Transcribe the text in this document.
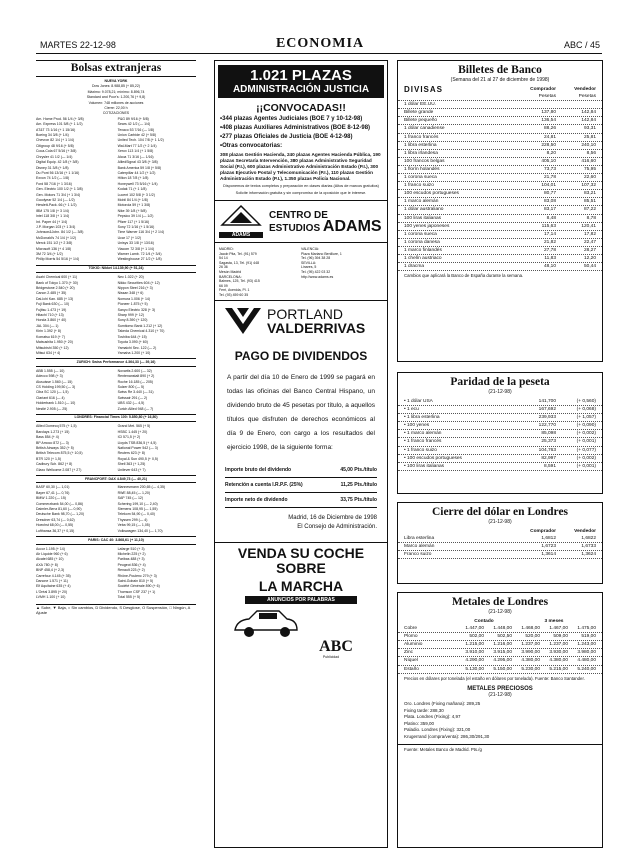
MARTES 22-12-98	ECONOMIA	ABC / 45
Bolsas extranjeras
NUEVA YORK
Dow Jones: 8.988,85 (+ 85,22)
Máximo: 9.078,21; mínimo: 8.896,74
Standard and Poor's: 1.200,76 (+ 9,8)
Volumen: 748 millones de acciones
Cierre: 22,00 h
COTIZACIONES
Am. Home Prod. 56 1/4 (+ 3/8)
Am. Express 101 5/8 (+ 1 1/2)
AT&T 73 1/16 (+ 1 15/16)
Boeing 34 3/8 (+ 1/4)
Chevron 82 1/4 (+ 1 1/4)
Citigroup 48 9/16 (+ 5/8)
Coca-Cola 67 5/16 (+ 3/8)
Chrysler 41 1/2 (— 1/4)
Digital Equip. 42 1/8 (+ 3/8)
Disney 31 3/8 (+ 1/8)
Du Pont 56 13/16 (+ 1 1/16)
Exxon 74 1/2 (— 1/8)
Ford 58 7/16 (+ 1 3/16)
Gen. Electric 100 1/2 (+ 1 3/8)
Gen. Motors 71 3/4 (+ 1 3/4)
Goodyear 52 1/4 (— 1/2)
Hewlett-Pack. 66 (+ 1 1/2)
IBM 175 1/8 (+ 3 1/4)
Intel 118 3/8 (+ 1 1/4)
Int. Paper 44 (+ 1/4)
J.P. Morgan 103 (+ 1 3/4)
Johnson&John. 84 1/2 (— 3/8)
McDonald's 74 1/4 (+ 1/2)
Merck 151 1/2 (+ 2 3/8)
Microsoft 136 (+ 4 1/8)
3M 72 3/4 (+ 1/2)
Philip Morris 54 5/16 (+ 1/4)
P&G 89 9/16 (+ 5/8)
Sears 42 1/2 (— 1/4)
Texaco 53 7/16 (— 1/8)
Union Carbide 42 (+ 5/8)
United Tech. 104 7/8 (+ 1 1/2)
Wal-Mart 77 1/2 (+ 2 1/4)
Xerox 113 1/4 (+ 1 5/8)
Alcoa 71 3/16 (— 1/16)
AlliedSignal 43 3/8 (+ 3/8)
Bank America 59 1/8 (+ 5/8)
Caterpillar 44 1/2 (+ 1/2)
Hilton 18 7/8 (+ 1/8)
Honeywell 73 5/16 (+ 1/4)
Kodak 71 (+ 1 1/8)
Lucent 102 5/8 (+ 3 1/2)
Mobil 84 1/4 (+ 1/8)
Motorola 59 (+ 1 3/8)
Nike 39 1/8 (+ 5/8)
Pepsico 39 1/4 (— 1/2)
Pfizer 117 (+ 1 5/16)
Sony 72 1/16 (+ 1 5/16)
Time Warner 116 3/4 (+ 2 1/4)
Ucar 17 (+ 1/2)
Unisys 33 1/8 (+ 13/16)
Viacom 72 3/8 (+ 1 1/4)
Warner Lamb. 72 1/4 (+ 3/4)
Westinghouse 27 1/2 (+ 1/8)
TOKIO: Nikkei 14.139,90 (+ 51,24)
Asahi Chemical 600 (+ 11)
Bank of Tokyo 1.370 (+ 30)
Bridgestone 2.540 (+ 20)
Canon 2.485 (+ 35)
Dai-Ichi Kan. 685 (+ 13)
Fuji Bank 630 (— 10)
Fujitsu 1.473 (+ 19)
Hitachi 710 (+ 13)
Honda 3.860 (+ 40)
JAL 304 (— 1)
Kirin 1.392 (+ 8)
Komatsu 619 (+ 7)
Matsushita 1.950 (+ 20)
Mitsubishi 350 (+ 12)
Mitsui 634 (+ 4)
Nec 1.022 (+ 20)
Nikko Securities 604 (+ 12)
Nippon Steel 216 (+ 3)
Nissan 348 (+ 6)
Nomura 1.006 (+ 14)
Pioneer 1.875 (+ 5)
Sanyo Electric 328 (+ 3)
Sharp 999 (+ 12)
Sony 8.390 (+ 120)
Sumitomo Bank 1.212 (+ 12)
Takeda Chemical 4.310 (+ 70)
Toshiba 644 (+ 15)
Toyota 3.090 (+ 60)
Yamaichi Sec. 122 (— 2)
Yamaha 1.200 (+ 10)
ZURICH: Swiss Performance 4.364,33 (— 39,16)
ABB 1.555 (— 10)
Adecco 598 (+ 3)
Alusuisse 1.560 (— 15)
CS Holding 199,50 (— 3)
Ciba SC 120 (— 1,5)
Clariant 616 (— 4)
Holderbank 1.510 (— 10)
Nestlé 2.905 (— 25)
Novartis 2.600 (— 32)
Rentenanstalt 890 (+ 2)
Roche 16.185 (— 205)
Sulzer 800 (— 5)
Swiss Re 3.440 (— 31)
Swissair 291 (— 2)
UBS 432 (— 4,5)
Zurich Allied 948 (— 7)
LONDRES: Financial Times 100: 5.850,80 (+ 16,80)
Allied Domecq 575 (+ 1,5)
Barclays 1.273 (+ 15)
Bass 854 (+ 4)
BP Amoco 872 (— 3)
British Airways 352 (+ 5)
British Telecom 875,5 (+ 10,5)
BTR 120 (+ 1,5)
Cadbury Sch. 862 (+ 8)
Glaxo Wellcome 2.087 (+ 27)
Grand Met. 565 (+ 5)
HSBC 1.445 (+ 20)
ICI 571,5 (+ 2)
Lloyds TSB 836,5 (+ 4,5)
National Power 542 (— 3)
Reuters 623 (+ 8)
Royal & Sun 490,5 (+ 0,5)
Shell 363 (+ 1,25)
Unilever 643 (+ 7)
FRANCFORT: DAX 4.849,73 (— 40,21)
BASF 60,30 (— 1,01)
Bayer 67,41 (— 0,76)
BMW 1.220 (— 15)
Commerzbank 54,00 (— 0,86)
Daimler-Benz 81,60 (— 0,90)
Deutsche Bank 98,70 (— 1,20)
Dresdner 63,74 (— 0,62)
Hoechst 68,00 (— 0,55)
Lufthansa 36,37 (+ 0,15)
Mannesmann 200,65 (— 4,35)
RWE 88,45 (— 1,20)
SAP 745 (— 12)
Schering 199,10 (— 2,40)
Siemens 108,95 (— 1,55)
Telekom 54,90 (— 0,40)
Thyssen 299 (— 4)
Veba 99,15 (— 1,05)
Volkswagen 134,40 (— 1,70)
PARIS: CAC 40: 3.868,61 (+ 11,10)
Accor 1.195 (+ 14)
Air Liquide 960 (+ 6)
Alcatel 685 (+ 10)
AXA 780 (+ 8)
BNP 458,4 (+ 2,3)
Carrefour 4.145 (+ 35)
Danone 1.571 (+ 11)
Elf Aquitaine 635 (+ 4)
L'Oréal 3.895 (+ 20)
LVMH 1.100 (+ 10)
Lafarge 510 (+ 3)
Michelin 225 (+ 2)
Paribas 488 (+ 3)
Peugeot 836 (+ 4)
Renault 223 (+ 2)
Rhône-Poulenc 279 (+ 3)
Saint-Gobain 810 (+ 5)
Société Générale 890 (+ 6)
Thomson CSF 237 (+ 1)
Total 555 (+ 5)
▲ Sube, ▼ Baja, = Sin cambios, D Dividendo, S Desglose, O Suspensión, □ Ningún, A Ajuste
1.021 PLAZAS
ADMINISTRACIÓN JUSTICIA
¡¡CONVOCADAS!!
• 344 plazas Agentes Judiciales (BOE 7 y 10-12-98)
• 408 plazas Auxiliares Administrativos (BOE 8-12-98)
• 277 plazas Oficiales de Justicia (BOE 4-12-98)
• Otras convocatorias:
308 plazas Gestión Hacienda, 240 plazas Agentes Hacienda Pública, 190 plazas Secretaría Intervención, 380 plazas Administrativo Seguridad Social (P.I.), 600 plazas Administrativo Administración Estado (P.I.), 300 plazas Ejecutivo Postal y Telecomunicación (P.I.), 110 plazas Gestión Administración Estado (P.I.), 1.350 plazas Policía Nacional.
Disponemos de textos completos y preparación en clases diarias (Altos de marcos gratuitos)
Solicite información gratuita y sin compromiso de la oposición que le interese.
ADAMS
CENTRO DE
ESTUDIOS ADAMS
MADRID:
Jacob Pita, Tel. (91) 579 54 14
Sagasta, 13, Tel. (91) 448 26 36
Mesón Madrid
BARCELONA:
Balmes, 125, Tel. (93) 415 66 09
Ferri, Avenida, Pl. 1
Tel. (93) 459 60 35
VALENCIA:
Plaza Mariano Benlliure, 1
Tel. (96) 394 38 28
SEVILLA:
Linares, 5
Tel. (95) 422 03 32
http://www.adams.es
PORTLAND
VALDERRIVAS
PAGO DE DIVIDENDOS
A partir del día 10 de Enero de 1999 se pagará en todas las oficinas del Banco Central Hispano, un dividendo bruto de 45 pesetas por título, a aquellos títulos que disfruten de derechos económicos al día 9 de Enero, con cargo a los resultados del ejercicio 1998, de la siguiente forma:
Importe bruto del dividendo	45,00 Pts./título
Retención a cuenta I.R.P.F. (25%)	11,25 Pts./título
Importe neto de dividendo	33,75 Pts./título
Madrid, 16 de Diciembre de 1998
El Consejo de Administración.
VENDA SU COCHE SOBRE
LA MARCHA
ANUNCIOS POR PALABRAS
ABC
Publicidad
Billetes de Banco
(Semana del 21 al 27 de diciembre de 1998)
DIVISAS	Comprador	Vendedor
Pesetas	Pesetas
1 dólar EE.UU.
Billete grande	137,80	142,84
Billete pequeño	136,54	142,84
1 dólar canadiense	88,26	93,31
1 franco francés	24,81	25,81
1 libra esterlina	228,50	240,10
1 libra irlandesa	8,20	8,56
100 francos belgas	405,10	416,60
1 florín holandés	73,73	75,95
1 corona sueca	21,78	22,60
1 franco suizo	104,01	107,32
100 escudos portugueses	80,77	83,21
1 marco alemán	83,08	85,51
1 dólar australiano	83,17	87,22
100 liras italianas	8,48	8,78
100 yenes japoneses	115,63	120,41
1 corona sueca	17,14	17,82
1 corona danesa	21,82	22,47
1 marco finlandés	27,78	28,27
1 chelín austriaco	11,83	12,20
1 dracma	48,10	50,44
Cambios que aplicará la Banco de España durante la semana.
Paridad de la peseta
(21-12-98)
• 1 dólar USA	141,700	(+ 0,560)
• 1 ecu	167,692	(+ 0,068)
• 1 libra esterlina	239,933	(+ 1,057)
• 100 yenes	122,770	(+ 0,090)
• 1 marco alemán	85,098	(+ 0,002)
• 1 franco francés	25,373	(+ 0,001)
• 1 franco suizo	104,763	(+ 0,077)
• 100 escudos portugueses	82,997	(+ 0,002)
• 100 liras italianas	8,591	(+ 0,001)
Cierre del dólar en Londres
(21-12-98)
Comprador	Vendedor
Libra esterlina	1,6812	1,6822
Marco alemán	1,6723	1,6733
Franco suizo	1,3614	1,3624
Metales de Londres
(21-12-98)
Contado	3 meses
Cobre	1.447,00	1.448,00	1.468,00	1.467,00	1.475,00
Plomo	502,00	502,50	520,00	509,00	519,00
Aluminio	1.215,00	1.216,00	1.237,00	1.237,00	1.243,00
Zinc	3.910,00	3.915,00	3.990,00	3.930,00	3.980,00
Níquel	4.290,00	4.295,00	4.380,00	4.380,00	4.480,00
Estaño	5.130,00	5.150,00	5.230,00	5.215,00	5.240,00
Precios en dólares por tonelada (el estaño en dólares por tonelada). Fuente: Banco Santander.
METALES PRECIOSOS
(21-12-98)
Oro. Londres (Fixing mañana): 289,25
Fixing tarde: 288,30
Plata. Londres (Fixing): 4,97
Platino: 359,00
Paladio. Londres (Fixing): 321,00
Krugerrand (compra/venta): 286,30/291,30
Fuente: Metales Banco de Madrid. Pts./g
